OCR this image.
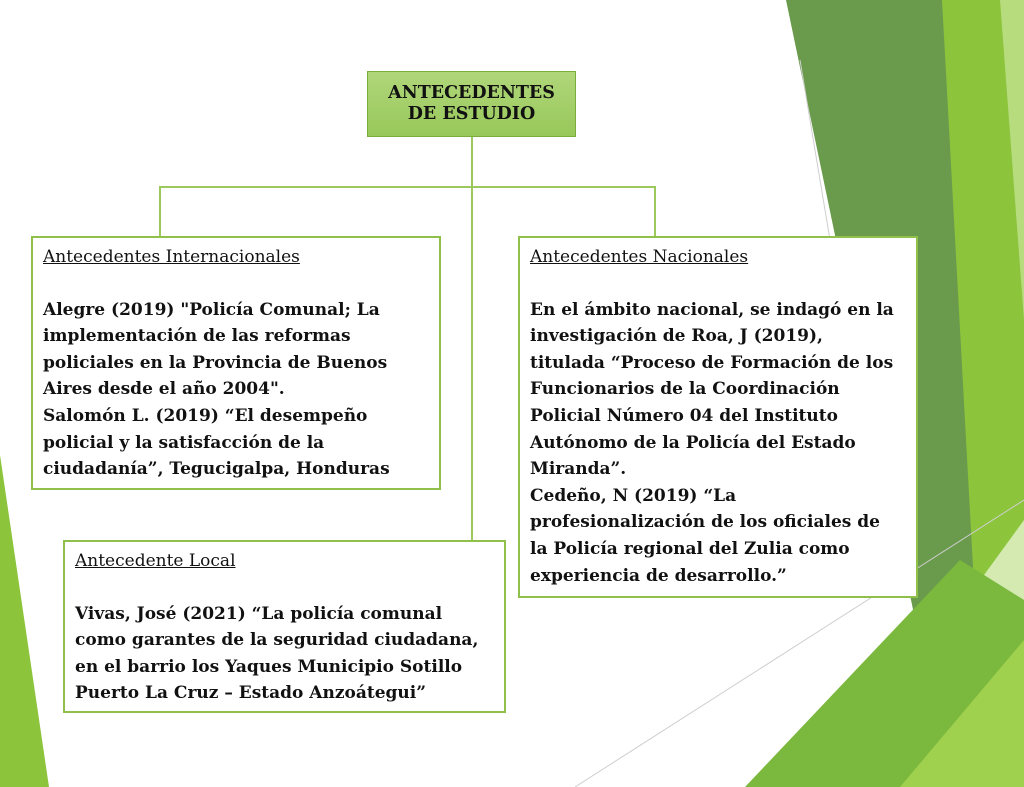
ANTECEDENTES
DE ESTUDIO
Antecedentes Internacionales
Alegre (2019) "Policía Comunal; La
implementación de las reformas
policiales en la Provincia de Buenos
Aires desde el año 2004".
Salomón L. (2019) “El desempeño
policial y la satisfacción de la
ciudadanía”, Tegucigalpa, Honduras
Antecedentes Nacionales
En el ámbito nacional, se indagó en la
investigación de Roa, J (2019),
titulada “Proceso de Formación de los
Funcionarios de la Coordinación
Policial Número 04 del Instituto
Autónomo de la Policía del Estado
Miranda”.
Cedeño, N (2019) “La
profesionalización de los oficiales de
la Policía regional del Zulia como
experiencia de desarrollo.”
Antecedente Local
Vivas, José (2021) “La policía comunal
como garantes de la seguridad ciudadana,
en el barrio los Yaques Municipio Sotillo
Puerto La Cruz – Estado Anzoátegui”
